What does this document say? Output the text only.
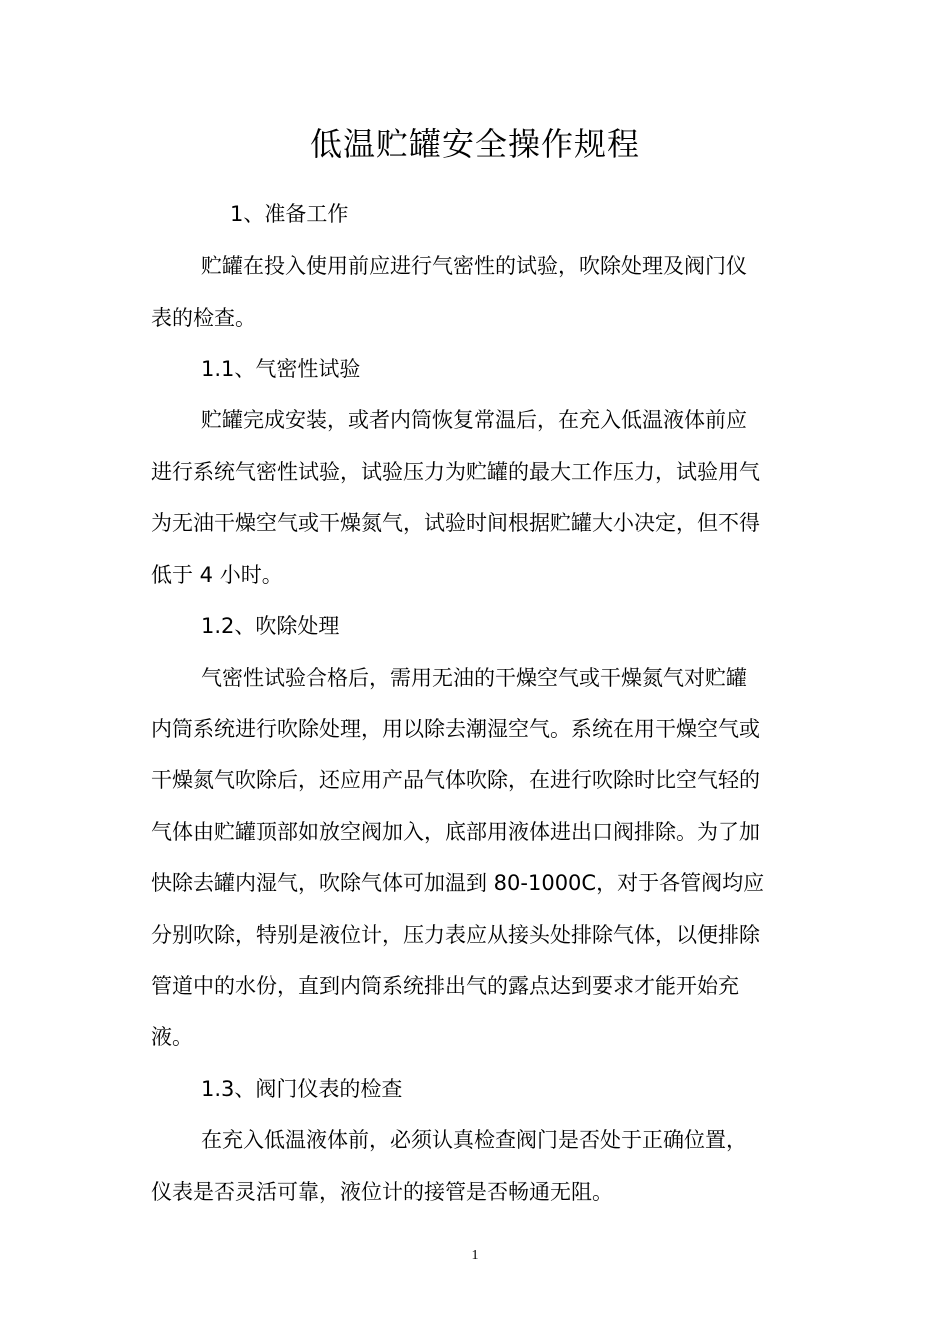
低温贮罐安全操作规程
1、准备工作
贮罐在投入使用前应进行气密性的试验，吹除处理及阀门仪
表的检查。
1.1、气密性试验
贮罐完成安装，或者内筒恢复常温后，在充入低温液体前应
进行系统气密性试验，试验压力为贮罐的最大工作压力，试验用气
为无油干燥空气或干燥氮气，试验时间根据贮罐大小决定，但不得
低于 4 小时。
1.2、吹除处理
气密性试验合格后，需用无油的干燥空气或干燥氮气对贮罐
内筒系统进行吹除处理，用以除去潮湿空气。系统在用干燥空气或
干燥氮气吹除后，还应用产品气体吹除，在进行吹除时比空气轻的
气体由贮罐顶部如放空阀加入，底部用液体进出口阀排除。为了加
快除去罐内湿气，吹除气体可加温到 80-1000C，对于各管阀均应
分别吹除，特别是液位计，压力表应从接头处排除气体，以便排除
管道中的水份，直到内筒系统排出气的露点达到要求才能开始充
液。
1.3、阀门仪表的检查
在充入低温液体前，必须认真检查阀门是否处于正确位置，
仪表是否灵活可靠，液位计的接管是否畅通无阻。
1
